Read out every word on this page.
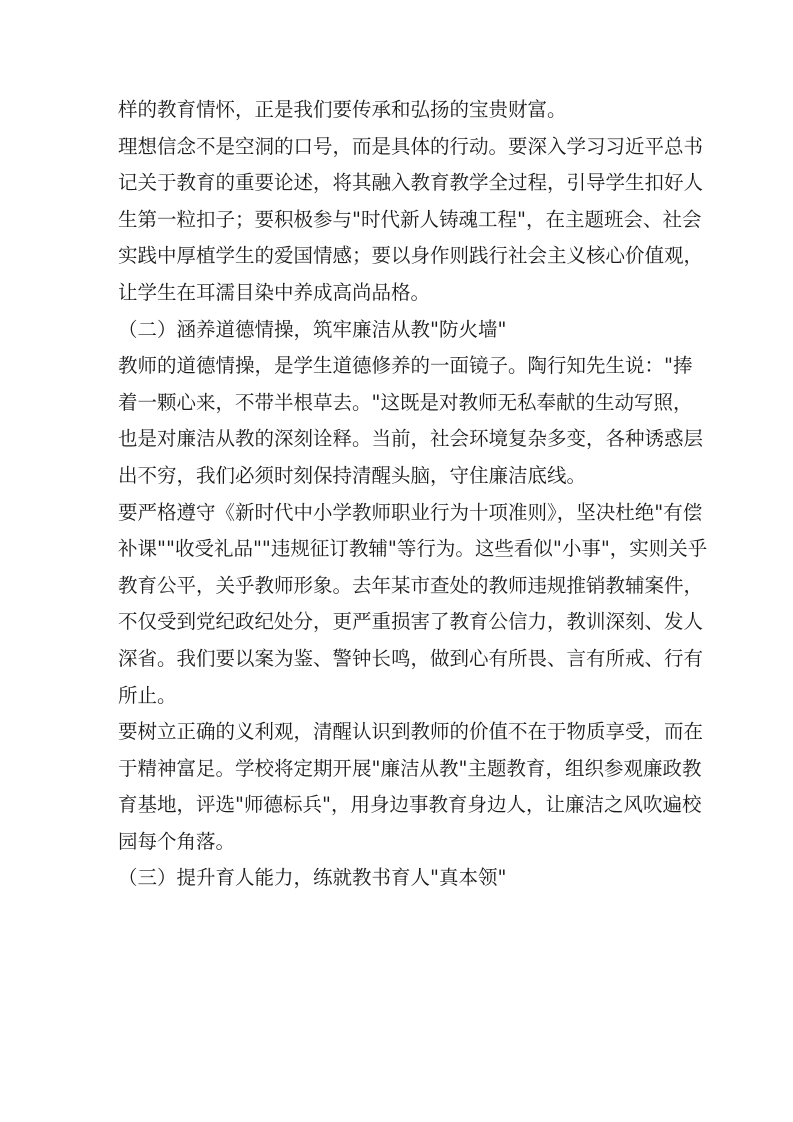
样的教育情怀，正是我们要传承和弘扬的宝贵财富。
理想信念不是空洞的口号，而是具体的行动。要深入学习习近平总书
记关于教育的重要论述，将其融入教育教学全过程，引导学生扣好人
生第一粒扣子；要积极参与"时代新人铸魂工程"，在主题班会、社会
实践中厚植学生的爱国情感；要以身作则践行社会主义核心价值观，
让学生在耳濡目染中养成高尚品格。
（二）涵养道德情操，筑牢廉洁从教"防火墙"
教师的道德情操，是学生道德修养的一面镜子。陶行知先生说："捧
着一颗心来，不带半根草去。"这既是对教师无私奉献的生动写照，
也是对廉洁从教的深刻诠释。当前，社会环境复杂多变，各种诱惑层
出不穷，我们必须时刻保持清醒头脑，守住廉洁底线。
要严格遵守《新时代中小学教师职业行为十项准则》，坚决杜绝"有偿
补课""收受礼品""违规征订教辅"等行为。这些看似"小事"，实则关乎
教育公平，关乎教师形象。去年某市查处的教师违规推销教辅案件，
不仅受到党纪政纪处分，更严重损害了教育公信力，教训深刻、发人
深省。我们要以案为鉴、警钟长鸣，做到心有所畏、言有所戒、行有
所止。
要树立正确的义利观，清醒认识到教师的价值不在于物质享受，而在
于精神富足。学校将定期开展"廉洁从教"主题教育，组织参观廉政教
育基地，评选"师德标兵"，用身边事教育身边人，让廉洁之风吹遍校
园每个角落。
（三）提升育人能力，练就教书育人"真本领"
